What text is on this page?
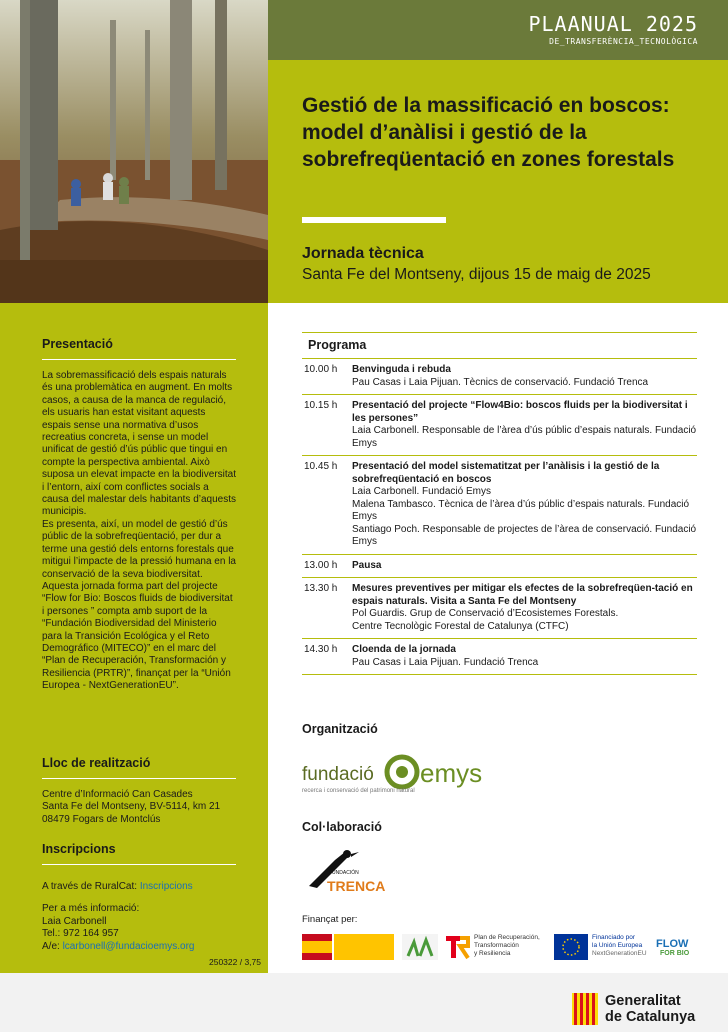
PLAANUAL 2025
DE_TRANSFERÈNCIA_TECNOLÒGICA
Gestió de la massificació en boscos: model d’anàlisi i gestió de la sobrefreqüentació en zones forestals
Jornada tècnica
Santa Fe del Montseny, dijous 15 de maig de 2025
Presentació
La sobremassificació dels espais naturals és una problemàtica en augment. En molts casos, a causa de la manca de regulació, els usuaris han estat visitant aquests espais sense una normativa d’usos recreatius concreta, i sense un model unificat de gestió d’ús públic que tingui en compte la perspectiva ambiental. Això suposa un elevat impacte en la biodiversitat i l’entorn, així com conflictes socials a causa del malestar dels habitants d’aquests municipis.
Es presenta, així, un model de gestió d’ús públic de la sobrefreqüentació, per dur a terme una gestió dels entorns forestals que mitigui l’impacte de la pressió humana en la conservació de la seva biodiversitat.
Aquesta jornada forma part del projecte “Flow for Bio: Boscos fluids de biodiversitat i persones ” compta amb suport de la “Fundación Biodiversidad del Ministerio para la Transición Ecológica y el Reto Demográfico (MITECO)” en el marc del “Plan de Recuperación, Transformación y Resiliencia (PRTR)”, finançat per la “Unión Europea - NextGenerationEU”.
Lloc de realització
Centre d’Informació Can Casades
Santa Fe del Montseny, BV-5114, km 21
08479 Fogars de Montclús
Inscripcions
A través de RuralCat: Inscripcions
Per a més informació:
Laia Carbonell
Tel.: 972 164 957
A/e: lcarbonell@fundacioemys.org
250322 / 3,75
Programa
10.00 h	Benvinguda i rebuda
Pau Casas i Laia Pijuan. Tècnics de conservació. Fundació Trenca
10.15 h	Presentació del projecte “Flow4Bio: boscos fluids per la biodiversitat i les persones”
Laia Carbonell. Responsable de l’àrea d’ús públic d’espais naturals. Fundació Emys
10.45 h	Presentació del model sistematitzat per l’anàlisis i la gestió de la sobrefreqüentació en boscos
Laia Carbonell. Fundació Emys
Malena Tambasco. Tècnica de l’àrea d’ús públic d’espais naturals. Fundació Emys
Santiago Poch. Responsable de projectes de l’àrea de conservació. Fundació Emys
13.00 h	Pausa
13.30 h	Mesures preventives per mitigar els efectes de la sobrefreqüen-tació en espais naturals. Visita a Santa Fe del Montseny
Pol Guardis. Grup de Conservació d’Ecosistemes Forestals.
Centre Tecnològic Forestal de Catalunya (CTFC)
14.30 h	Cloenda de la jornada
Pau Casas i Laia Pijuan. Fundació Trenca
Organització
fundació emys
recerca i conservació del patrimoni natural
Col·laboració
FUNDACIÓN
TRENCA
Finançat per:
Plan de Recuperación,
Transformación
y Resiliencia
Financiado por
la Unión Europea
NextGenerationEU
FLOW
FOR BIO
Generalitat
de Catalunya
